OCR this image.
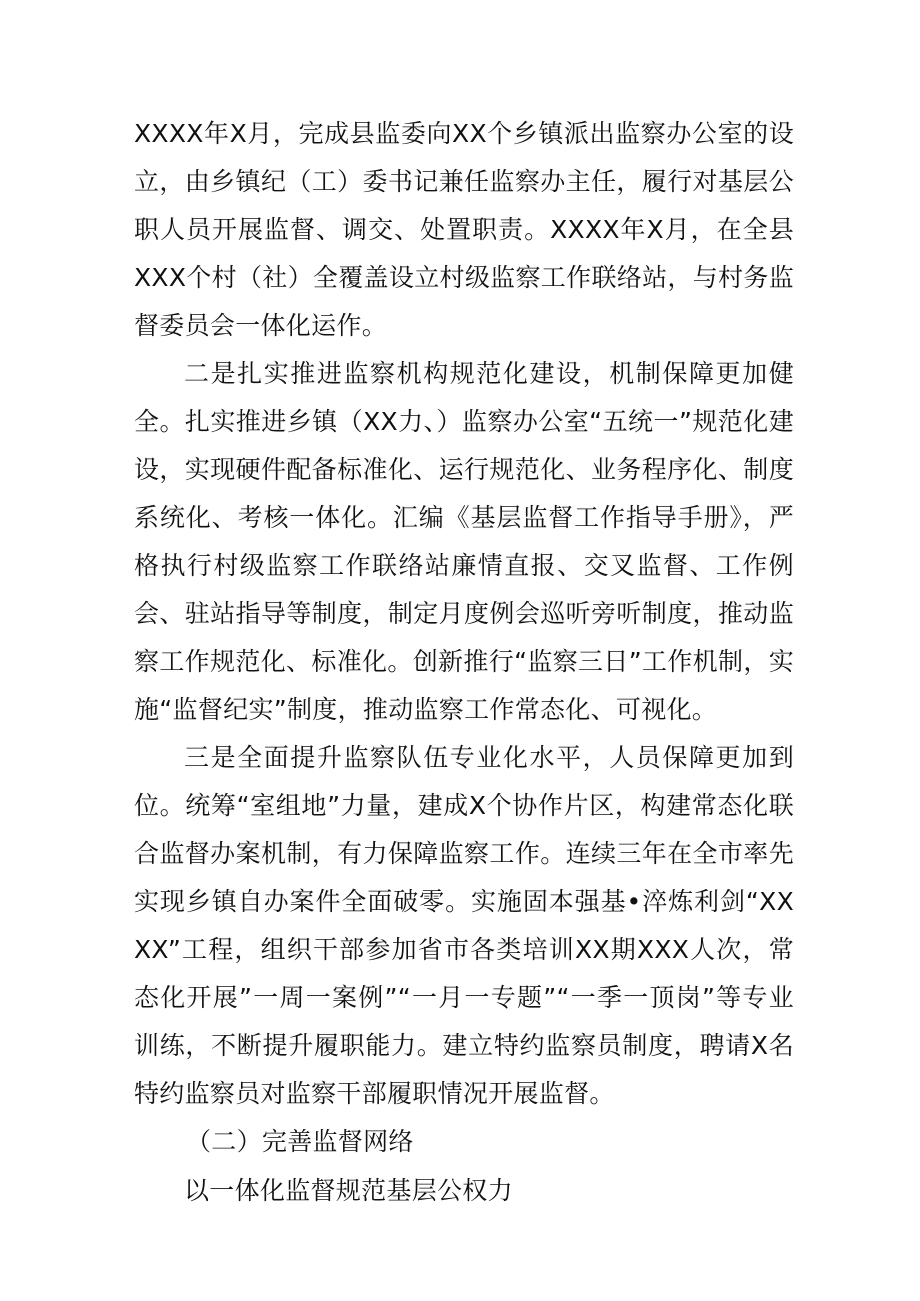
XXXX年X月，完成县监委向XX个乡镇派出监察办公室的设立，由乡镇纪（工）委书记兼任监察办主任，履行对基层公职人员开展监督、调交、处置职责。XXXX年X月，在全县XXX个村（社）全覆盖设立村级监察工作联络站，与村务监督委员会一体化运作。

二是扎实推进监察机构规范化建设，机制保障更加健全。扎实推进乡镇（XX力、）监察办公室“五统一”规范化建设，实现硬件配备标准化、运行规范化、业务程序化、制度系统化、考核一体化。汇编《基层监督工作指导手册》，严格执行村级监察工作联络站廉情直报、交叉监督、工作例会、驻站指导等制度，制定月度例会巡听旁听制度，推动监察工作规范化、标准化。创新推行“监察三日”工作机制，实施“监督纪实”制度，推动监察工作常态化、可视化。

三是全面提升监察队伍专业化水平，人员保障更加到位。统筹“室组地”力量，建成X个协作片区，构建常态化联合监督办案机制，有力保障监察工作。连续三年在全市率先实现乡镇自办案件全面破零。实施固本强基•淬炼利剑“XXXX”工程，组织干部参加省市各类培训XX期XXX人次，常态化开展”一周一案例”“一月一专题”“一季一顶岗”等专业训练，不断提升履职能力。建立特约监察员制度，聘请X名特约监察员对监察干部履职情况开展监督。

（二）完善监督网络

以一体化监督规范基层公权力
